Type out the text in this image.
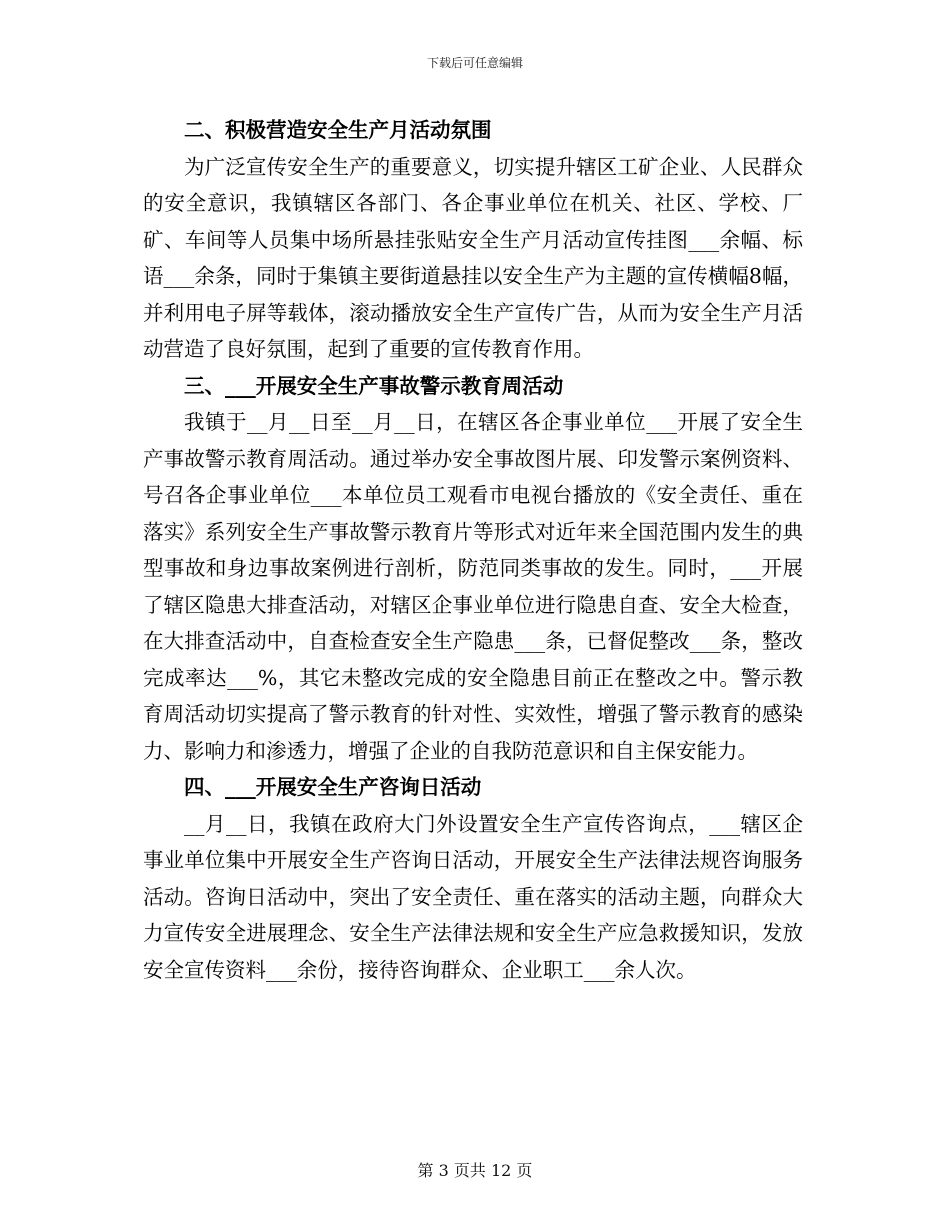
下载后可任意编辑
二、积极营造安全生产月活动氛围

为广泛宣传安全生产的重要意义，切实提升辖区工矿企业、人民群众的安全意识，我镇辖区各部门、各企事业单位在机关、社区、学校、厂矿、车间等人员集中场所悬挂张贴安全生产月活动宣传挂图___余幅、标语___余条，同时于集镇主要街道悬挂以安全生产为主题的宣传横幅8幅，并利用电子屏等载体，滚动播放安全生产宣传广告，从而为安全生产月活动营造了良好氛围，起到了重要的宣传教育作用。

三、___开展安全生产事故警示教育周活动

我镇于__月__日至__月__日，在辖区各企事业单位___开展了安全生产事故警示教育周活动。通过举办安全事故图片展、印发警示案例资料、号召各企事业单位___本单位员工观看市电视台播放的《安全责任、重在落实》系列安全生产事故警示教育片等形式对近年来全国范围内发生的典型事故和身边事故案例进行剖析，防范同类事故的发生。同时，___开展了辖区隐患大排查活动，对辖区企事业单位进行隐患自查、安全大检查，在大排查活动中，自查检查安全生产隐患___条，已督促整改___条，整改完成率达___%，其它未整改完成的安全隐患目前正在整改之中。警示教育周活动切实提高了警示教育的针对性、实效性，增强了警示教育的感染力、影响力和渗透力，增强了企业的自我防范意识和自主保安能力。

四、___开展安全生产咨询日活动

__月__日，我镇在政府大门外设置安全生产宣传咨询点，___辖区企事业单位集中开展安全生产咨询日活动，开展安全生产法律法规咨询服务活动。咨询日活动中，突出了安全责任、重在落实的活动主题，向群众大力宣传安全进展理念、安全生产法律法规和安全生产应急救援知识，发放安全宣传资料___余份，接待咨询群众、企业职工___余人次。

第 3 页共 12 页
